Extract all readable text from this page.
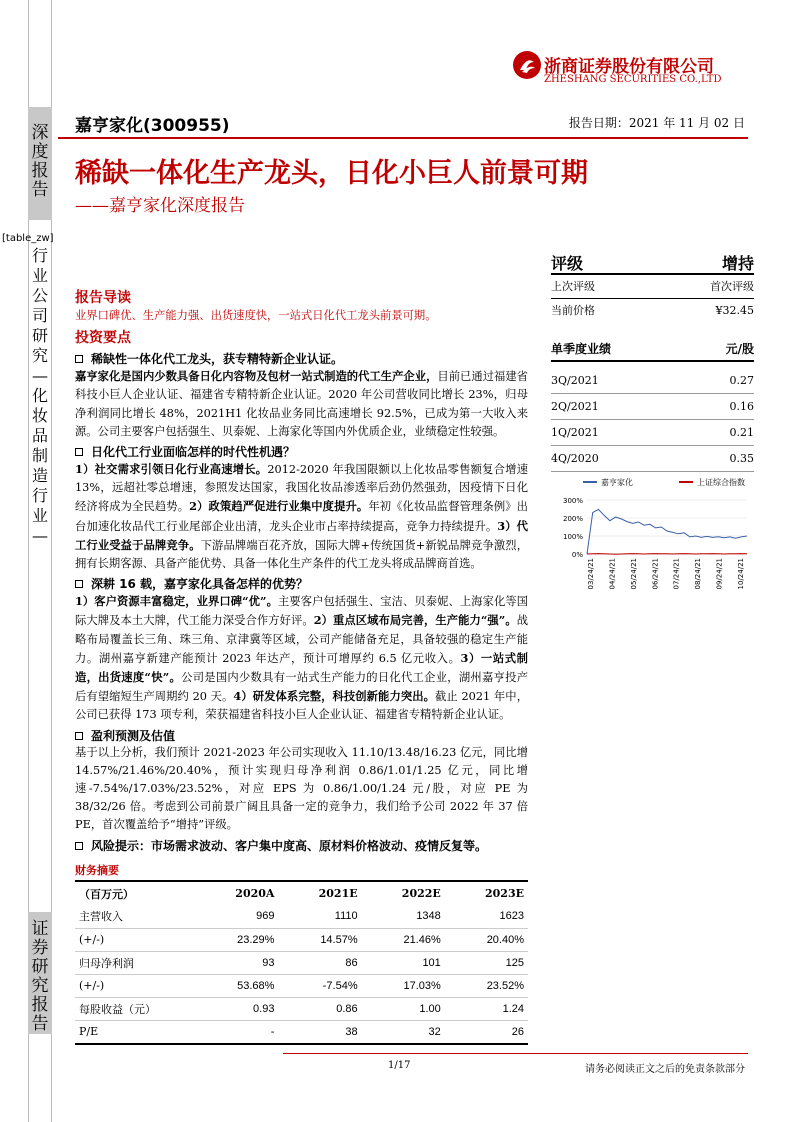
浙商证券股份有限公司
ZHESHANG SECURITIES CO.,LTD
深
度
报
告
[table_zw]
行
业
公
司
研
究
—
化
妆
品
制
造
行
业
—
证
券
研
究
报
告
嘉亨家化(300955)	报告日期：2021 年 11 月 02 日
稀缺一体化生产龙头，日化小巨人前景可期
——嘉亨家化深度报告
评级	增持
上次评级	首次评级
当前价格	¥32.45
单季度业绩	元/股
3Q/2021	0.27
2Q/2021	0.16
1Q/2021	0.21
4Q/2020	0.35
嘉亨家化	上证综合指数
300%
200%
100%
0%
03/24/21 04/24/21 05/24/21 06/24/21 07/24/21 08/24/21 09/24/21 10/24/21
报告导读
业界口碑优、生产能力强、出货速度快，一站式日化代工龙头前景可期。
投资要点
稀缺性一体化代工龙头，获专精特新企业认证。
嘉亨家化是国内少数具备日化内容物及包材一站式制造的代工生产企业，目前已通过福建省科技小巨人企业认证、福建省专精特新企业认证。2020 年公司营收同比增长 23%，归母净利润同比增长 48%，2021H1 化妆品业务同比高速增长 92.5%，已成为第一大收入来源。公司主要客户包括强生、贝泰妮、上海家化等国内外优质企业，业绩稳定性较强。
日化代工行业面临怎样的时代性机遇？
1）社交需求引领日化行业高速增长。2012-2020 年我国限额以上化妆品零售额复合增速 13%，远超社零总增速，参照发达国家，我国化妆品渗透率后劲仍然强劲，因疫情下日化经济将成为全民趋势。2）政策趋严促进行业集中度提升。年初《化妆品监督管理条例》出台加速化妆品代工行业尾部企业出清，龙头企业市占率持续提高，竞争力持续提升。3）代工行业受益于品牌竞争。下游品牌端百花齐放，国际大牌+传统国货+新锐品牌竞争激烈，拥有长期客源、具备产能优势、具备一体化生产条件的代工龙头将成品牌商首选。
深耕 16 载，嘉亨家化具备怎样的优势？
1）客户资源丰富稳定，业界口碑“优”。主要客户包括强生、宝洁、贝泰妮、上海家化等国际大牌及本土大牌，代工能力深受合作方好评。2）重点区域布局完善，生产能力“强”。战略布局覆盖长三角、珠三角、京津冀等区域，公司产能储备充足，具备较强的稳定生产能力。湖州嘉亨新建产能预计 2023 年达产，预计可增厚约 6.5 亿元收入。3）一站式制造，出货速度“快”。公司是国内少数具有一站式生产能力的日化代工企业，湖州嘉亨投产后有望缩短生产周期约 20 天。4）研发体系完整，科技创新能力突出。截止 2021 年中，公司已获得 173 项专利，荣获福建省科技小巨人企业认证、福建省专精特新企业认证。
盈利预测及估值
基于以上分析，我们预计 2021-2023 年公司实现收入 11.10/13.48/16.23 亿元，同比增 14.57%/21.46%/20.40%，预计实现归母净利润 0.86/1.01/1.25 亿元，同比增速-7.54%/17.03%/23.52%，对应 EPS 为 0.86/1.00/1.24 元/股，对应 PE 为 38/32/26 倍。考虑到公司前景广阔且具备一定的竞争力，我们给予公司 2022 年 37 倍 PE，首次覆盖给予“增持”评级。
风险提示：市场需求波动、客户集中度高、原材料价格波动、疫情反复等。
财务摘要
（百万元）	2020A	2021E	2022E	2023E
主营收入	969	1110	1348	1623
(+/-)	23.29%	14.57%	21.46%	20.40%
归母净利润	93	86	101	125
(+/-)	53.68%	-7.54%	17.03%	23.52%
每股收益（元）	0.93	0.86	1.00	1.24
P/E	-	38	32	26
1/17	请务必阅读正文之后的免责条款部分
